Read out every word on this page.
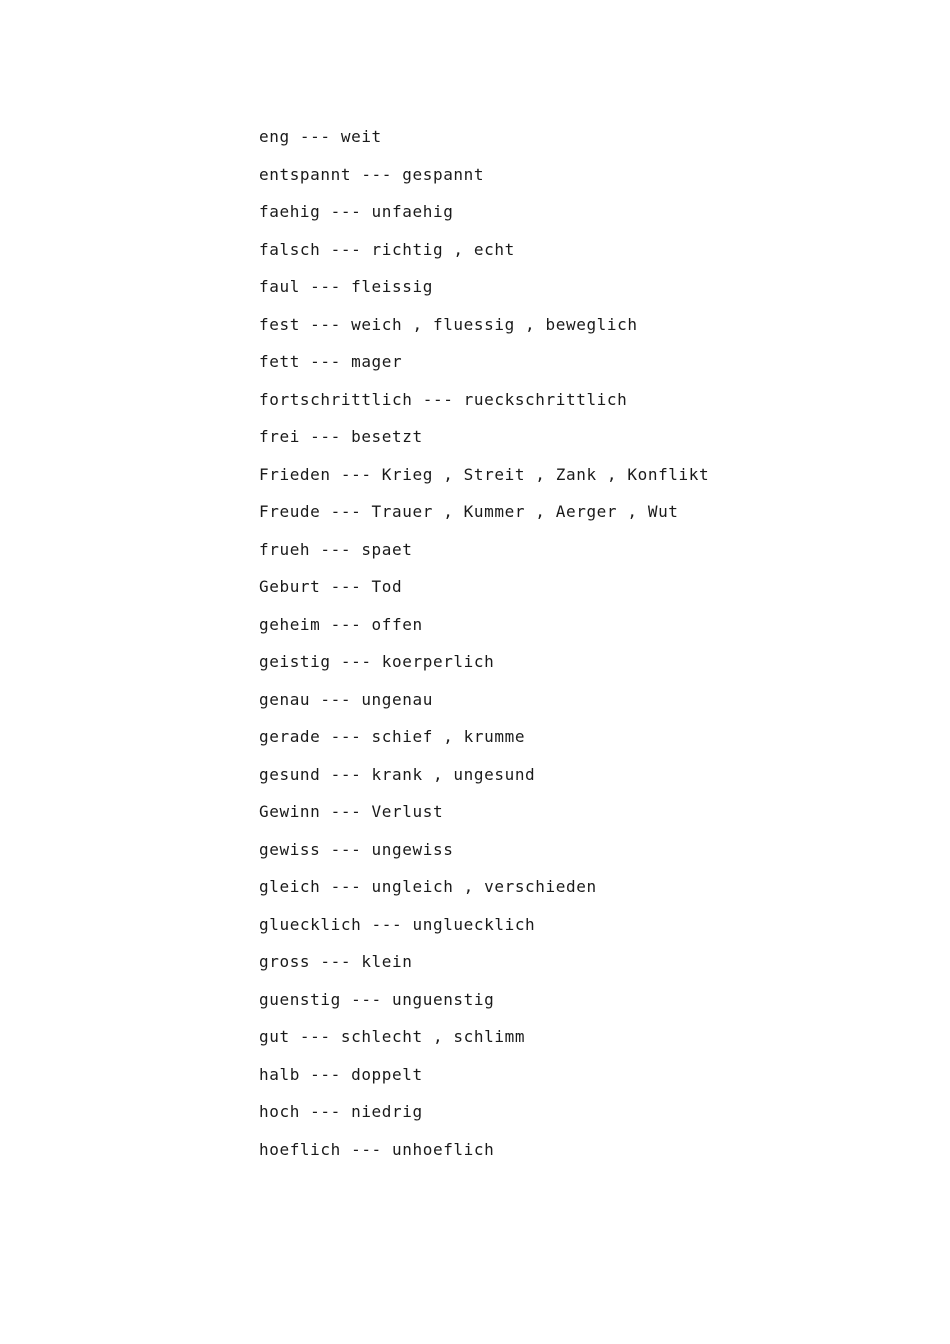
eng --- weit
entspannt --- gespannt
faehig --- unfaehig
falsch --- richtig , echt
faul --- fleissig
fest --- weich , fluessig , beweglich
fett --- mager
fortschrittlich --- rueckschrittlich
frei --- besetzt
Frieden --- Krieg , Streit , Zank , Konflikt
Freude --- Trauer , Kummer , Aerger , Wut
frueh --- spaet
Geburt --- Tod
geheim --- offen
geistig --- koerperlich
genau --- ungenau
gerade --- schief , krumme
gesund --- krank , ungesund
Gewinn --- Verlust
gewiss --- ungewiss
gleich --- ungleich , verschieden
gluecklich --- ungluecklich
gross --- klein
guenstig --- unguenstig
gut --- schlecht , schlimm
halb --- doppelt
hoch --- niedrig
hoeflich --- unhoeflich
